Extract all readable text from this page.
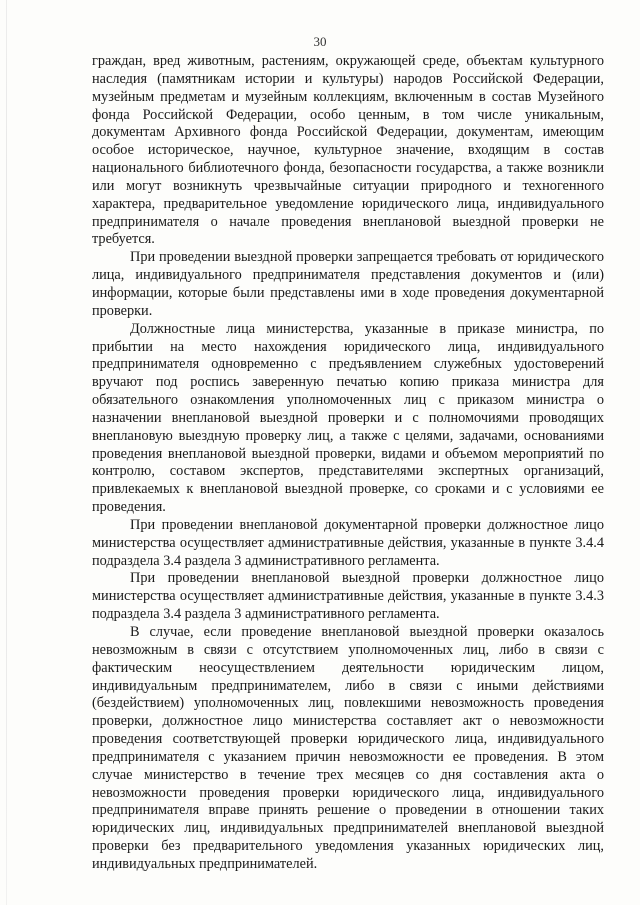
30

граждан, вред животным, растениям, окружающей среде, объектам культурного наследия (памятникам истории и культуры) народов Российской Федерации, музейным предметам и музейным коллекциям, включенным в состав Музейного фонда Российской Федерации, особо ценным, в том числе уникальным, документам Архивного фонда Российской Федерации, документам, имеющим особое историческое, научное, культурное значение, входящим в состав национального библиотечного фонда, безопасности государства, а также возникли или могут возникнуть чрезвычайные ситуации природного и техногенного характера, предварительное уведомление юридического лица, индивидуального предпринимателя о начале проведения внеплановой выездной проверки не требуется.

При проведении выездной проверки запрещается требовать от юридического лица, индивидуального предпринимателя представления документов и (или) информации, которые были представлены ими в ходе проведения документарной проверки.

Должностные лица министерства, указанные в приказе министра, по прибытии на место нахождения юридического лица, индивидуального предпринимателя одновременно с предъявлением служебных удостоверений вручают под роспись заверенную печатью копию приказа министра для обязательного ознакомления уполномоченных лиц с приказом министра о назначении внеплановой выездной проверки и с полномочиями проводящих внеплановую выездную проверку лиц, а также с целями, задачами, основаниями проведения внеплановой выездной проверки, видами и объемом мероприятий по контролю, составом экспертов, представителями экспертных организаций, привлекаемых к внеплановой выездной проверке, со сроками и с условиями ее проведения.

При проведении внеплановой документарной проверки должностное лицо министерства осуществляет административные действия, указанные в пункте 3.4.4 подраздела 3.4 раздела 3 административного регламента.

При проведении внеплановой выездной проверки должностное лицо министерства осуществляет административные действия, указанные в пункте 3.4.3 подраздела 3.4 раздела 3 административного регламента.

В случае, если проведение внеплановой выездной проверки оказалось невозможным в связи с отсутствием уполномоченных лиц, либо в связи с фактическим неосуществлением деятельности юридическим лицом, индивидуальным предпринимателем, либо в связи с иными действиями (бездействием) уполномоченных лиц, повлекшими невозможность проведения проверки, должностное лицо министерства составляет акт о невозможности проведения соответствующей проверки юридического лица, индивидуального предпринимателя с указанием причин невозможности ее проведения. В этом случае министерство в течение трех месяцев со дня составления акта о невозможности проведения проверки юридического лица, индивидуального предпринимателя вправе принять решение о проведении в отношении таких юридических лиц, индивидуальных предпринимателей внеплановой выездной проверки без предварительного уведомления указанных юридических лиц, индивидуальных предпринимателей.
